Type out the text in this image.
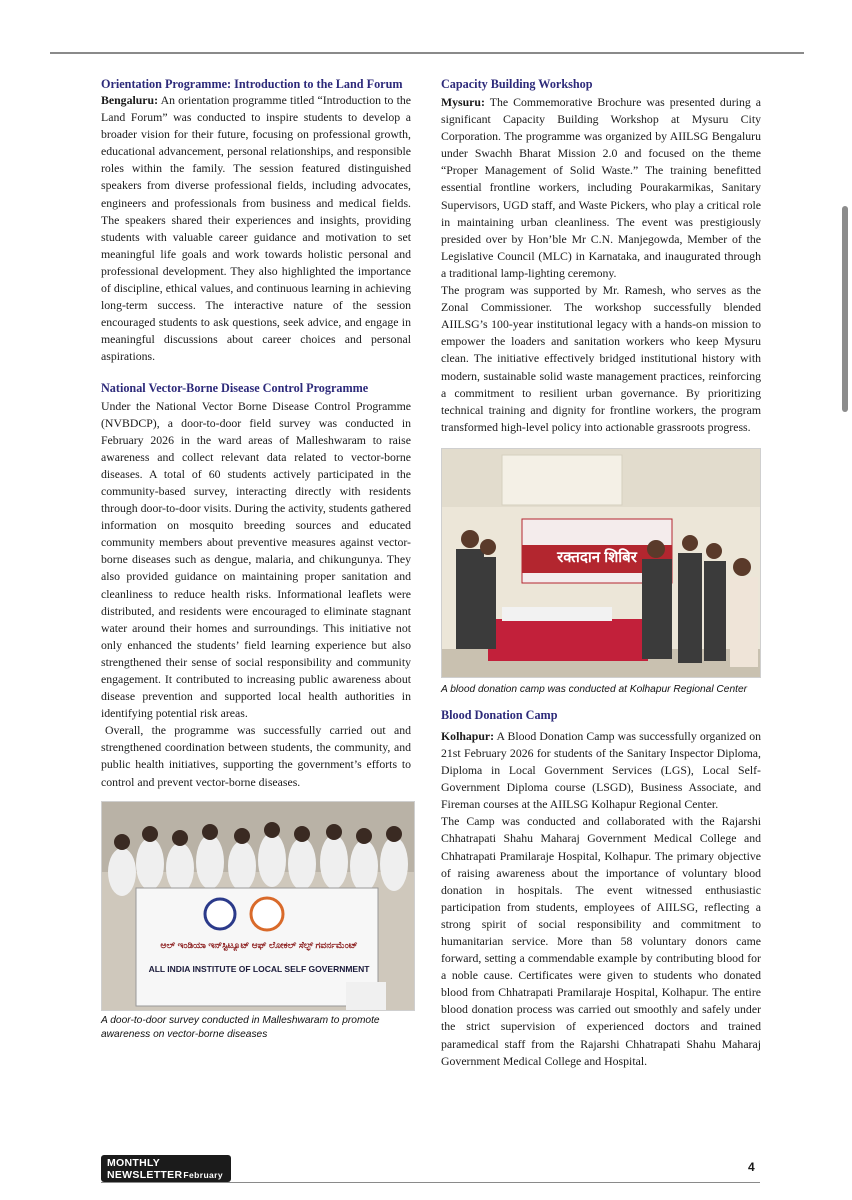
Orientation Programme: Introduction to the Land Forum

Bengaluru: An orientation programme titled “Introduction to the Land Forum” was conducted to inspire students to develop a broader vision for their future, focusing on professional growth, educational advancement, personal relationships, and responsible roles within the family. The session featured distinguished speakers from diverse professional fields, including advocates, engineers and professionals from business and medical fields. The speakers shared their experiences and insights, providing students with valuable career guidance and motivation to set meaningful life goals and work towards holistic personal and professional development. They also highlighted the importance of discipline, ethical values, and continuous learning in achieving long-term success. The interactive nature of the session encouraged students to ask questions, seek advice, and engage in meaningful discussions about career choices and personal aspirations.

National Vector-Borne Disease Control Programme

Under the National Vector Borne Disease Control Programme (NVBDCP), a door-to-door field survey was conducted in February 2026 in the ward areas of Malleshwaram to raise awareness and collect relevant data related to vector-borne diseases. A total of 60 students actively participated in the community-based survey, interacting directly with residents through door-to-door visits. During the activity, students gathered information on mosquito breeding sources and educated community members about preventive measures against vector-borne diseases such as dengue, malaria, and chikungunya. They also provided guidance on maintaining proper sanitation and cleanliness to reduce health risks. Informational leaflets were distributed, and residents were encouraged to eliminate stagnant water around their homes and surroundings. This initiative not only enhanced the students’ field learning experience but also strengthened their sense of social responsibility and community engagement. It contributed to increasing public awareness about disease prevention and supported local health authorities in identifying potential risk areas.

Overall, the programme was successfully carried out and strengthened coordination between students, the community, and public health initiatives, supporting the government’s efforts to control and prevent vector-borne diseases.

ಆಲ್ ಇಂಡಿಯಾ ಇನ್‌ಸ್ಟಿಟ್ಯೂಟ್ ಆಫ್ ಲೋಕಲ್ ಸೆಲ್ಫ್ ಗವರ್ನಮೆಂಟ್
ALL INDIA INSTITUTE OF LOCAL SELF GOVERNMENT
A door-to-door survey conducted in Malleshwaram to promote awareness on vector-borne diseases
Capacity Building Workshop

Mysuru: The Commemorative Brochure was presented during a significant Capacity Building Workshop at Mysuru City Corporation. The programme was organized by AIILSG Bengaluru under Swachh Bharat Mission 2.0 and focused on the theme “Proper Management of Solid Waste.” The training benefitted essential frontline workers, including Pourakarmikas, Sanitary Supervisors, UGD staff, and Waste Pickers, who play a critical role in maintaining urban cleanliness. The event was prestigiously presided over by Hon’ble Mr C.N. Manjegowda, Member of the Legislative Council (MLC) in Karnataka, and inaugurated through a traditional lamp-lighting ceremony.

The program was supported by Mr. Ramesh, who serves as the Zonal Commissioner. The workshop successfully blended AIILSG’s 100-year institutional legacy with a hands-on mission to empower the loaders and sanitation workers who keep Mysuru clean. The initiative effectively bridged institutional history with modern, sustainable solid waste management practices, reinforcing a commitment to resilient urban governance. By prioritizing technical training and dignity for frontline workers, the program transformed high-level policy into actionable grassroots progress.

रक्तदान शिबिर
A blood donation camp was conducted at Kolhapur Regional Center
Blood Donation Camp

Kolhapur: A Blood Donation Camp was successfully organized on 21st February 2026 for students of the Sanitary Inspector Diploma, Diploma in Local Government Services (LGS), Local Self-Government Diploma course (LSGD), Business Associate, and Fireman courses at the AIILSG Kolhapur Regional Center.

The Camp was conducted and collaborated with the Rajarshi Chhatrapati Shahu Maharaj Government Medical College and Chhatrapati Pramilaraje Hospital, Kolhapur. The primary objective of raising awareness about the importance of voluntary blood donation in hospitals. The event witnessed enthusiastic participation from students, employees of AIILSG, reflecting a strong spirit of social responsibility and commitment to humanitarian service. More than 58 voluntary donors came forward, setting a commendable example by contributing blood for a noble cause. Certificates were given to students who donated blood from Chhatrapati Pramilaraje Hospital, Kolhapur. The entire blood donation process was carried out smoothly and safely under the strict supervision of experienced doctors and trained paramedical staff from the Rajarshi Chhatrapati Shahu Maharaj Government Medical College and Hospital.

MONTHLY NEWSLETTER February
4
